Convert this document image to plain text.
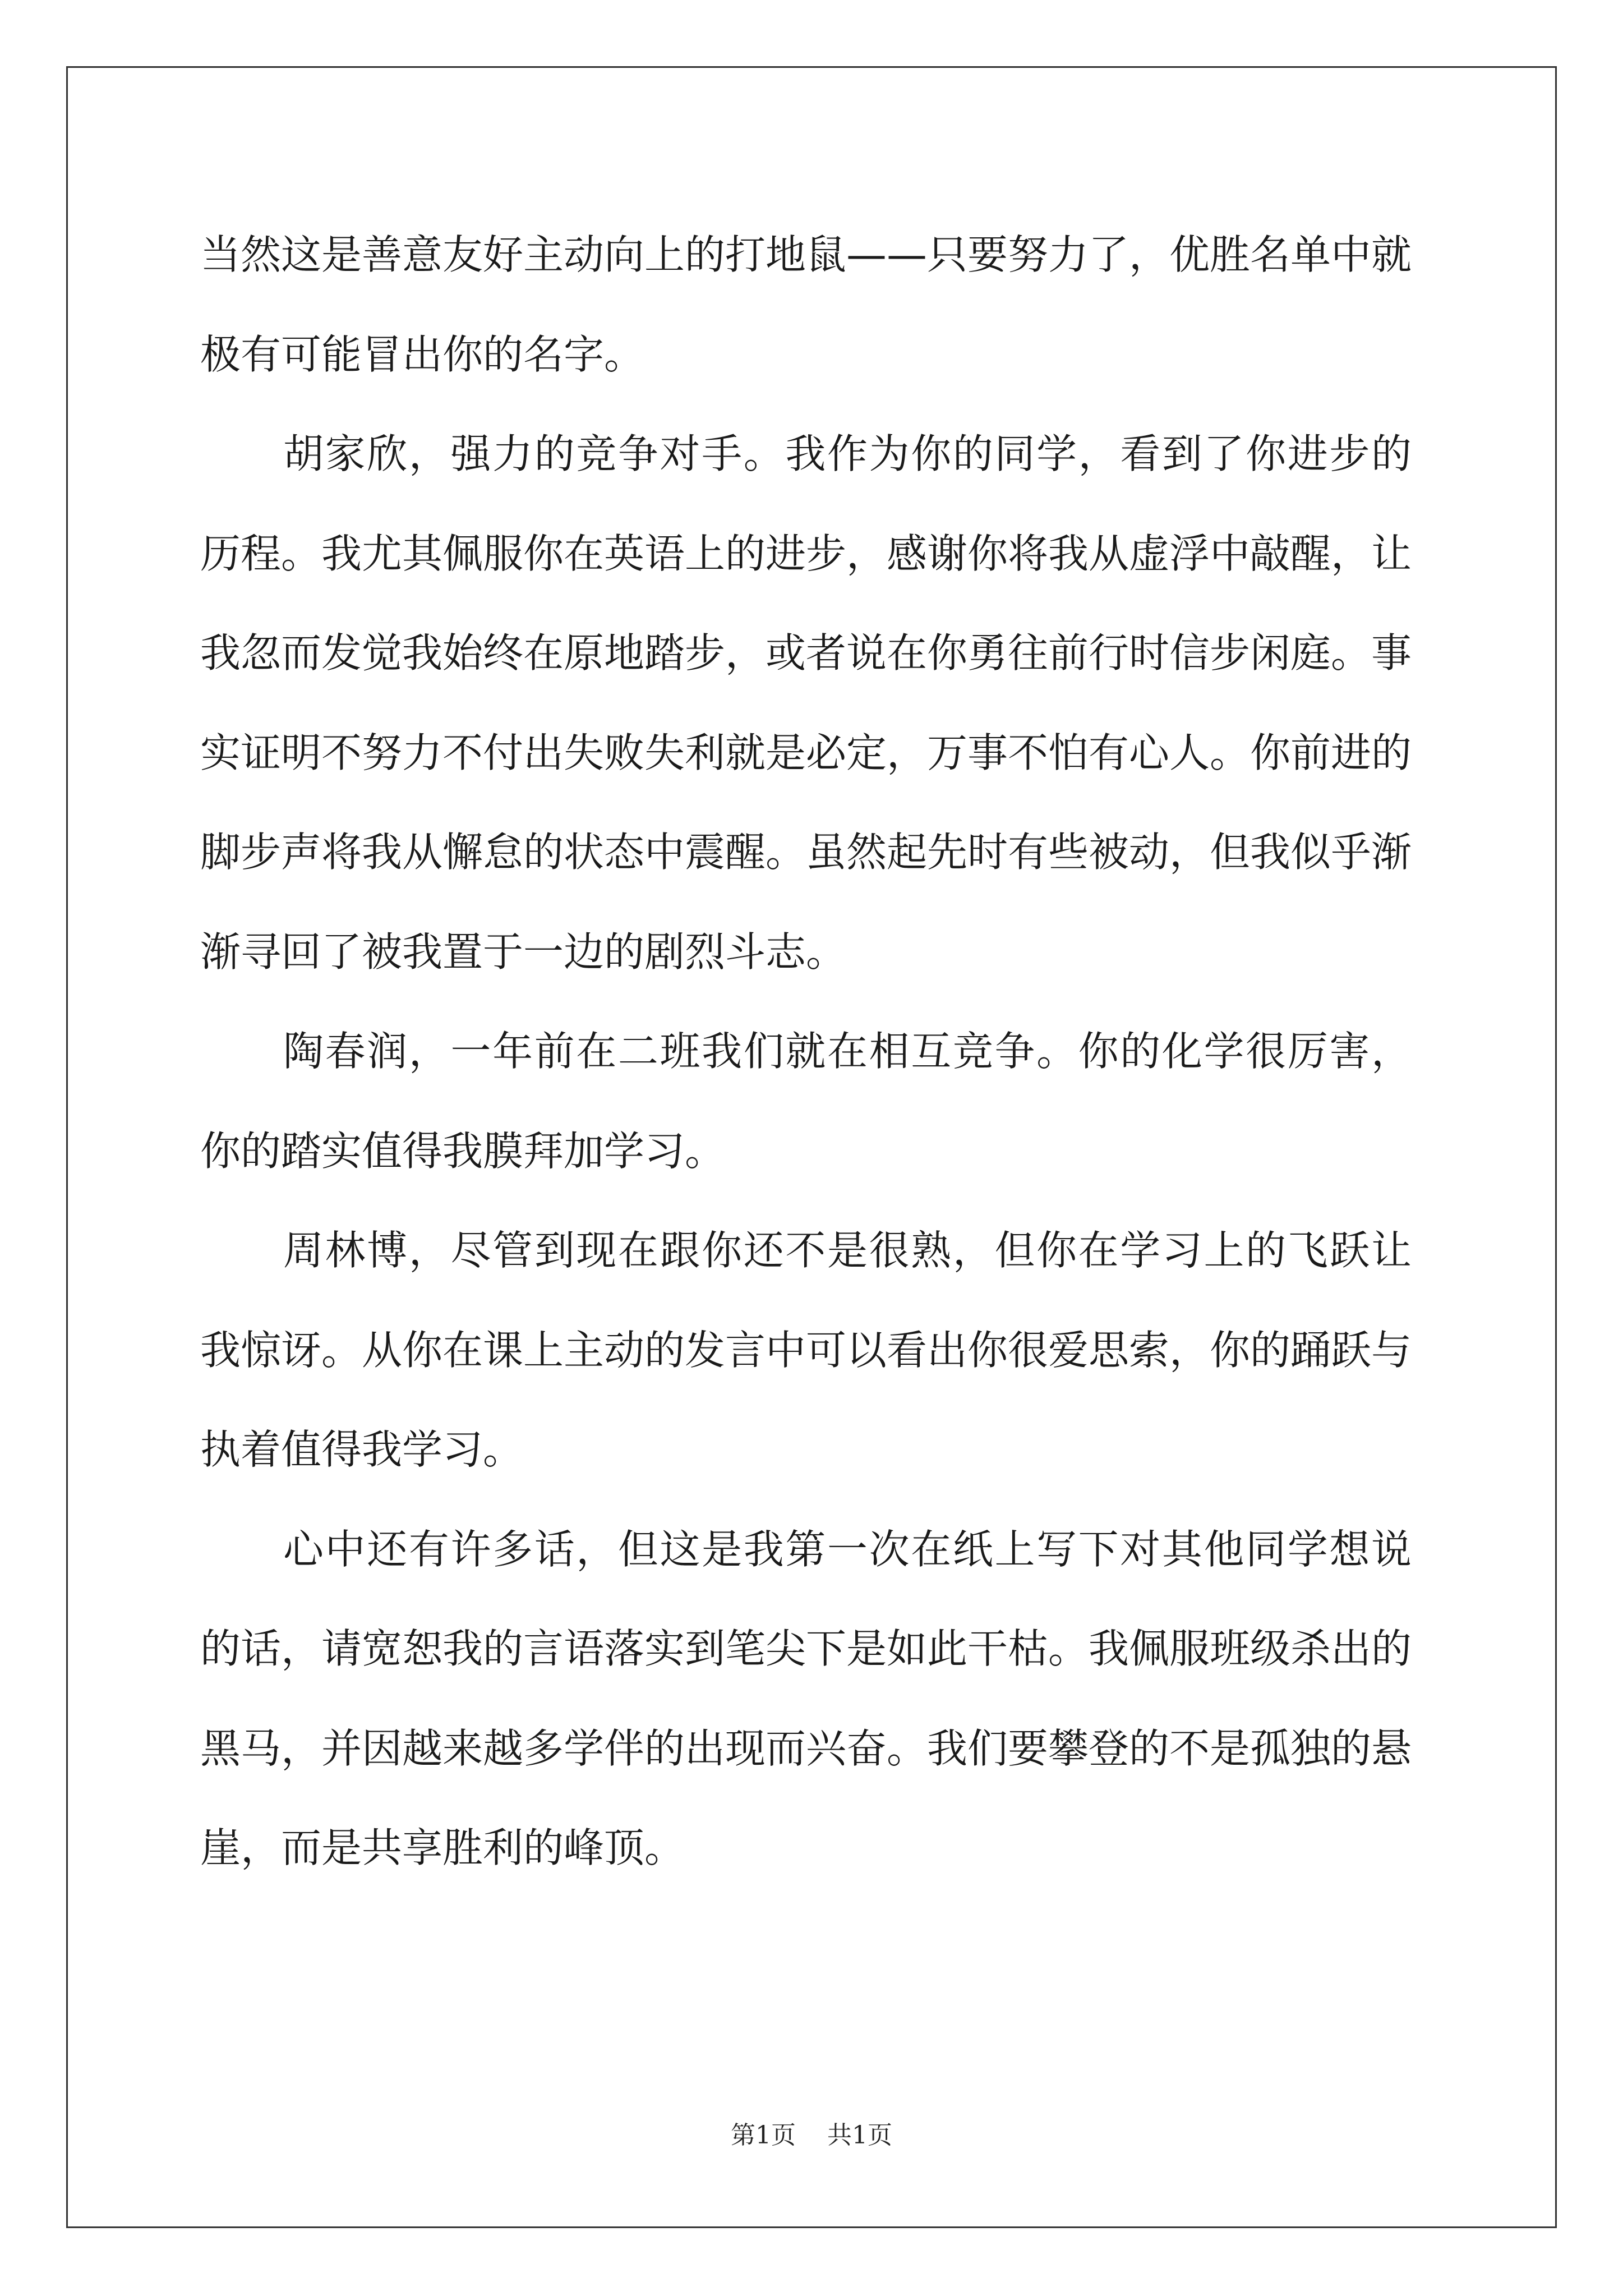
当然这是善意友好主动向上的打地鼠——只要努力了，优胜名单中就极有可能冒出你的名字。

胡家欣，强力的竞争对手。我作为你的同学，看到了你进步的历程。我尤其佩服你在英语上的进步，感谢你将我从虚浮中敲醒，让我忽而发觉我始终在原地踏步，或者说在你勇往前行时信步闲庭。事实证明不努力不付出失败失利就是必定，万事不怕有心人。你前进的脚步声将我从懈怠的状态中震醒。虽然起先时有些被动，但我似乎渐渐寻回了被我置于一边的剧烈斗志。

陶春润，一年前在二班我们就在相互竞争。你的化学很厉害，你的踏实值得我膜拜加学习。

周林博，尽管到现在跟你还不是很熟，但你在学习上的飞跃让我惊讶。从你在课上主动的发言中可以看出你很爱思索，你的踊跃与执着值得我学习。

心中还有许多话，但这是我第一次在纸上写下对其他同学想说的话，请宽恕我的言语落实到笔尖下是如此干枯。我佩服班级杀出的黑马，并因越来越多学伴的出现而兴奋。我们要攀登的不是孤独的悬崖，而是共享胜利的峰顶。

第1页 共1页
